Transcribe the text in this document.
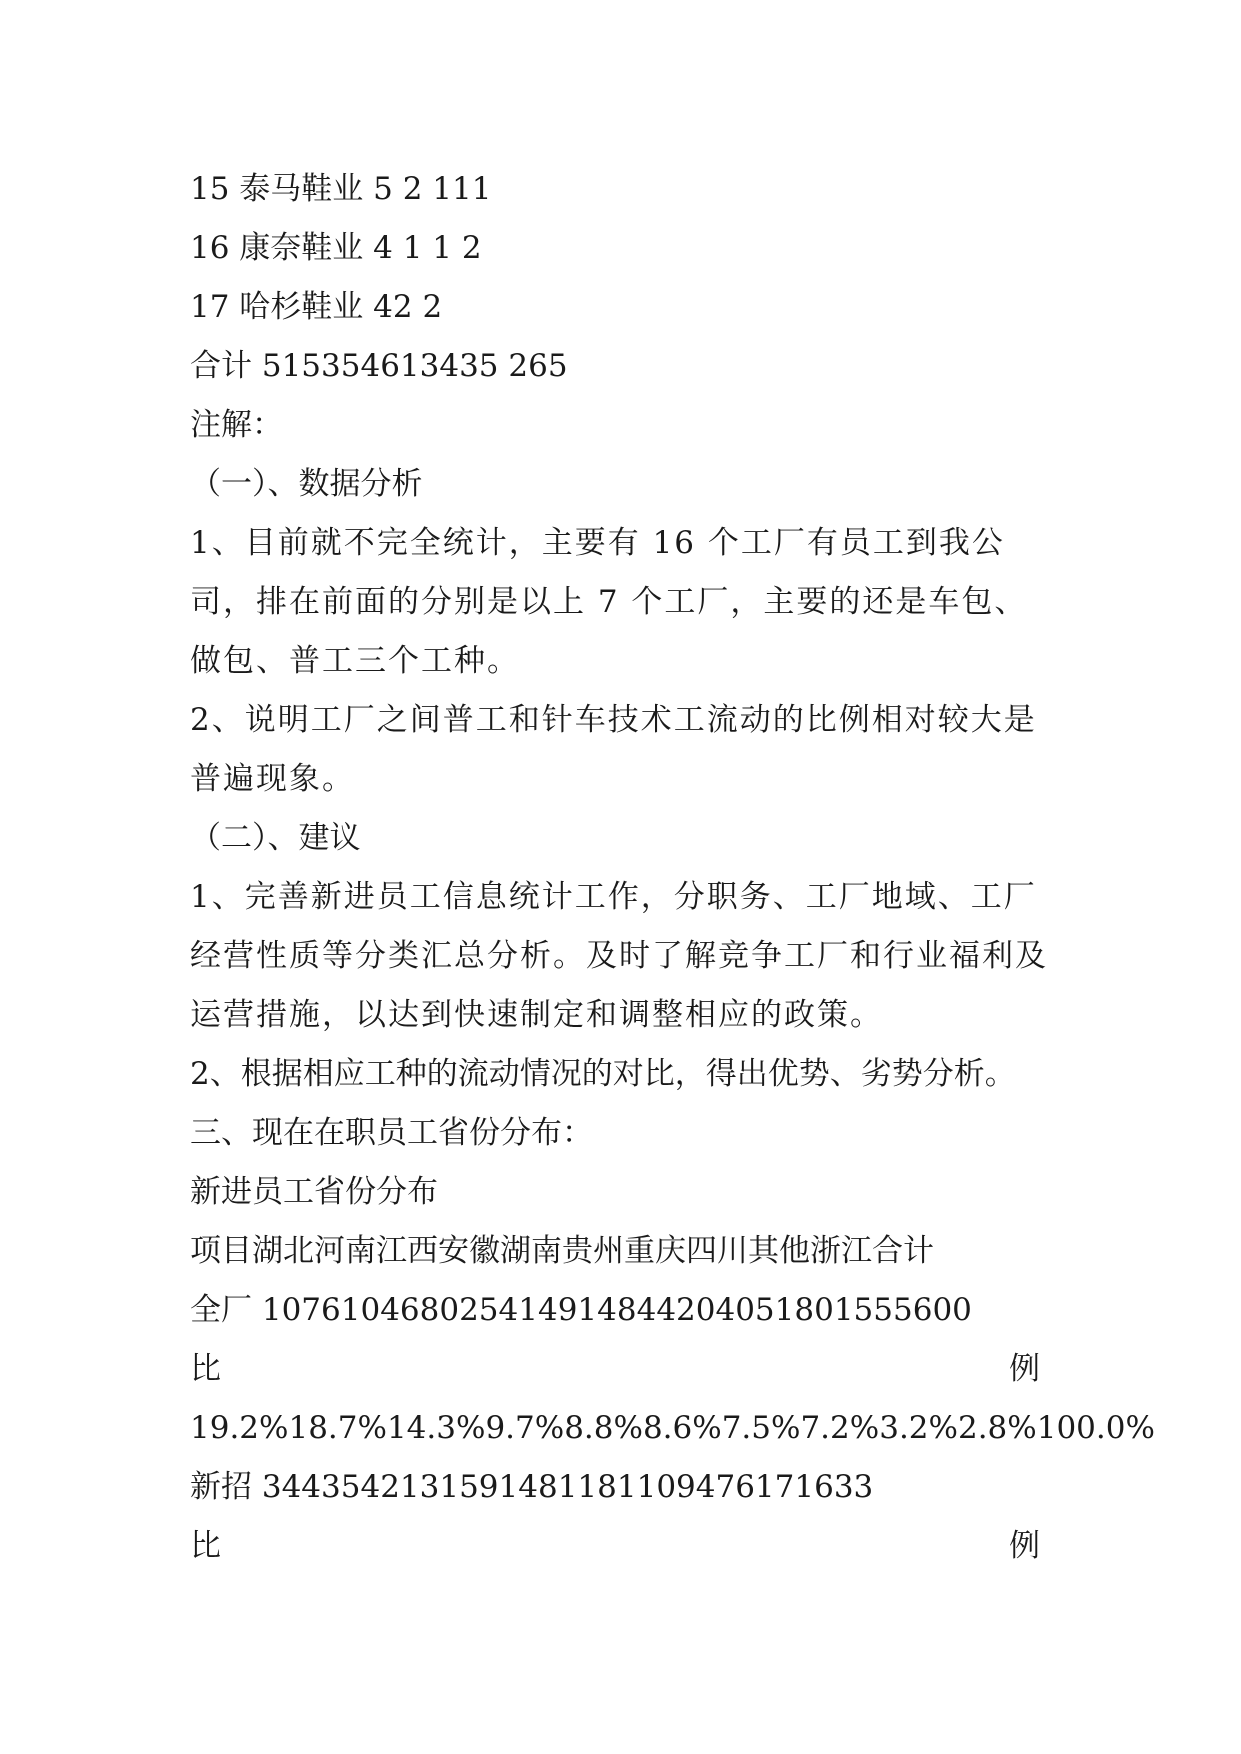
15 泰马鞋业 5 2 111
16 康奈鞋业 4 1 1 2
17 哈杉鞋业 42 2
合计 515354613435 265
注解：
（一）、数据分析
1、目前就不完全统计，主要有 16 个工厂有员工到我公司，排在前面的分别是以上 7 个工厂，主要的还是车包、做包、普工三个工种。
2、说明工厂之间普工和针车技术工流动的比例相对较大是普遍现象。
（二）、建议
1、完善新进员工信息统计工作，分职务、工厂地域、工厂经营性质等分类汇总分析。及时了解竞争工厂和行业福利及运营措施，以达到快速制定和调整相应的政策。
2、根据相应工种的流动情况的对比，得出优势、劣势分析。
三、现在在职员工省份分布：
新进员工省份分布
项目湖北河南江西安徽湖南贵州重庆四川其他浙江合计
全厂 10761046802541491484420405180155560​0
比	例
19.2%18.7%14.3%9.7%8.8%8.6%7.5%7.2%3.2%2.8%100.0%
新招 344354213159148118110947617163​3
比	例
